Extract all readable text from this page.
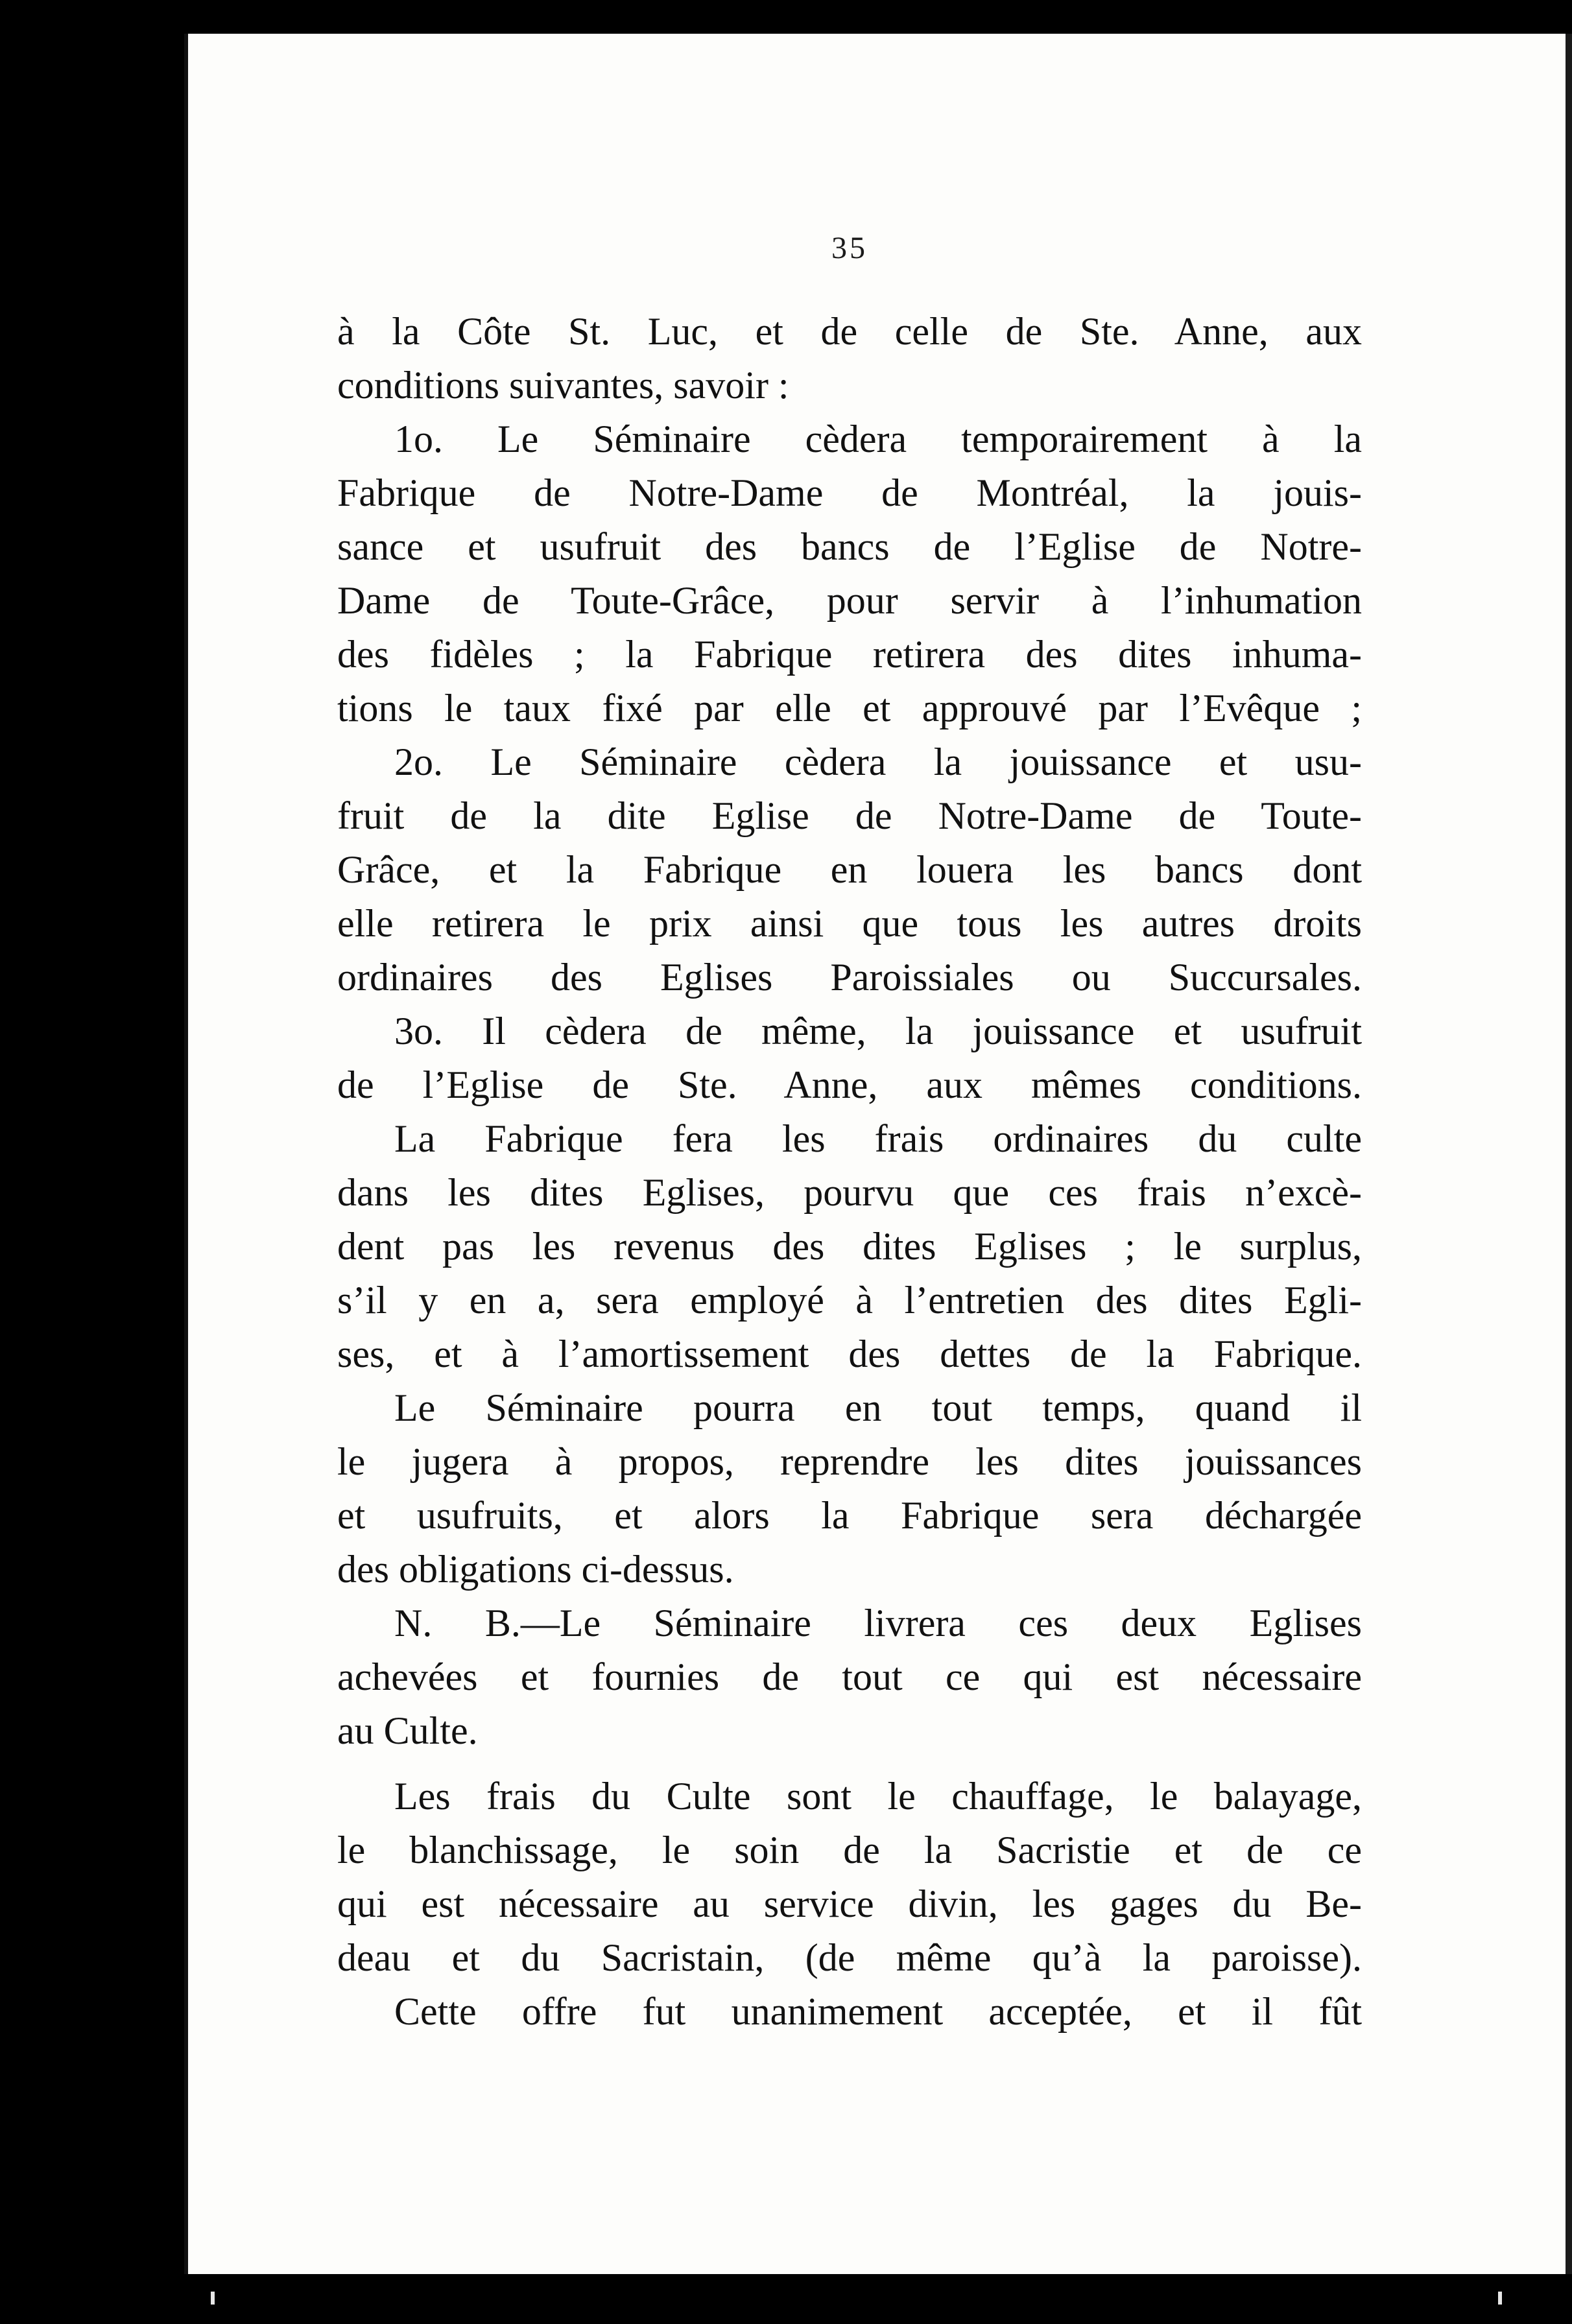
35
à la Côte St. Luc, et de celle de Ste. Anne, aux
conditions suivantes, savoir :
1o. Le Séminaire cèdera temporairement à la
Fabrique de Notre-Dame de Montréal, la jouis-
sance et usufruit des bancs de l’Eglise de Notre-
Dame de Toute-Grâce, pour servir à l’inhumation
des fidèles ; la Fabrique retirera des dites inhuma-
tions le taux fixé par elle et approuvé par l’Evêque ;
2o. Le Séminaire cèdera la jouissance et usu-
fruit de la dite Eglise de Notre-Dame de Toute-
Grâce, et la Fabrique en louera les bancs dont
elle retirera le prix ainsi que tous les autres droits
ordinaires des Eglises Paroissiales ou Succursales.
3o. Il cèdera de même, la jouissance et usufruit
de l’Eglise de Ste. Anne, aux mêmes conditions.
La Fabrique fera les frais ordinaires du culte
dans les dites Eglises, pourvu que ces frais n’excè-
dent pas les revenus des dites Eglises ; le surplus,
s’il y en a, sera employé à l’entretien des dites Egli-
ses, et à l’amortissement des dettes de la Fabrique.
Le Séminaire pourra en tout temps, quand il
le jugera à propos, reprendre les dites jouissances
et usufruits, et alors la Fabrique sera déchargée
des obligations ci-dessus.
N. B.—Le Séminaire livrera ces deux Eglises
achevées et fournies de tout ce qui est nécessaire
au Culte.
Les frais du Culte sont le chauffage, le balayage,
le blanchissage, le soin de la Sacristie et de ce
qui est nécessaire au service divin, les gages du Be-
deau et du Sacristain, (de même qu’à la paroisse).
Cette offre fut unanimement acceptée, et il fût
